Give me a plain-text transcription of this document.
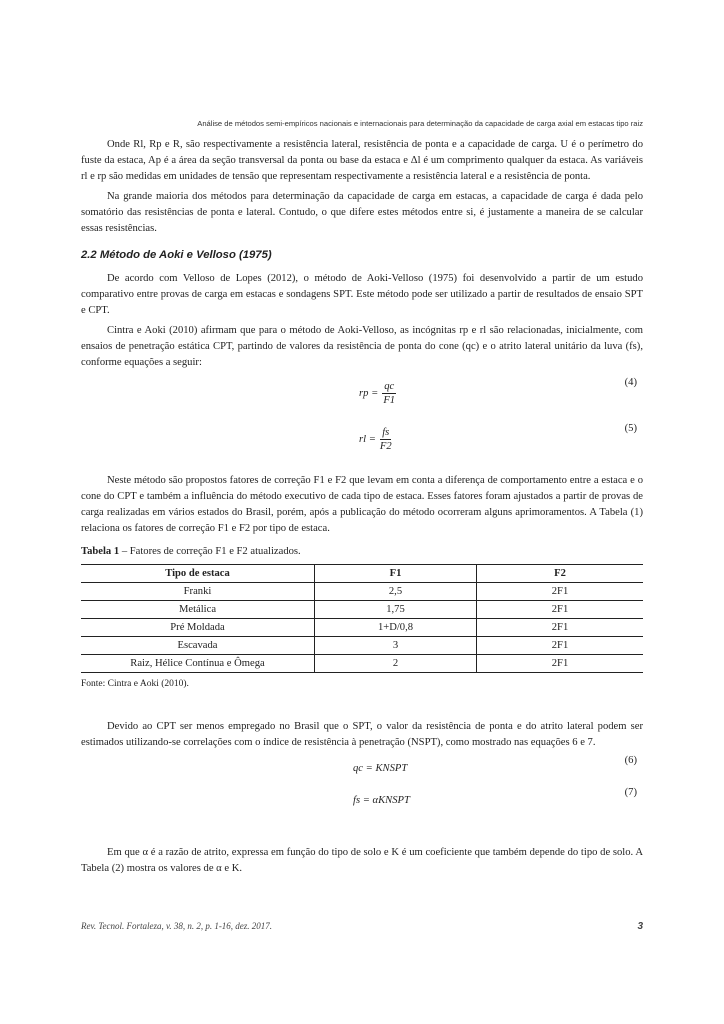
Análise de métodos semi-empíricos nacionais e internacionais para determinação da capacidade de carga axial em estacas tipo raiz

Onde Rl, Rp e R, são respectivamente a resistência lateral, resistência de ponta e a capacidade de carga. U é o perímetro do fuste da estaca, Ap é a área da seção transversal da ponta ou base da estaca e Δl é um comprimento qualquer da estaca. As variáveis rl e rp são medidas em unidades de tensão que representam respectivamente a resistência lateral e a resistência de ponta.

Na grande maioria dos métodos para determinação da capacidade de carga em estacas, a capacidade de carga é dada pelo somatório das resistências de ponta e lateral. Contudo, o que difere estes métodos entre si, é justamente a maneira de se calcular essas resistências.

2.2 Método de Aoki e Velloso (1975)

De acordo com Velloso de Lopes (2012), o método de Aoki-Velloso (1975) foi desenvolvido a partir de um estudo comparativo entre provas de carga em estacas e sondagens SPT. Este método pode ser utilizado a partir de resultados de ensaio SPT e CPT.

Cintra e Aoki (2010) afirmam que para o método de Aoki-Velloso, as incógnitas rp e rl são relacionadas, inicialmente, com ensaios de penetração estática CPT, partindo de valores da resistência de ponta do cone (qc) e o atrito lateral unitário da luva (fs), conforme equações a seguir:

rp = $\frac{qc}{F1}$	(4)
rl = $\frac{fs}{F2}$	(5)

Neste método são propostos fatores de correção F1 e F2 que levam em conta a diferença de comportamento entre a estaca e o cone do CPT e também a influência do método executivo de cada tipo de estaca. Esses fatores foram ajustados a partir de provas de carga realizadas em vários estados do Brasil, porém, após a publicação do método ocorreram alguns aprimoramentos. A Tabela (1) relaciona os fatores de correção F1 e F2 por tipo de estaca.

Tabela 1 – Fatores de correção F1 e F2 atualizados.
Tipo de estaca	F1	F2
Franki	2,5	2F1
Metálica	1,75	2F1
Pré Moldada	1+D/0,8	2F1
Escavada	3	2F1
Raiz, Hélice Contínua e Ômega	2	2F1
Fonte: Cintra e Aoki (2010).

Devido ao CPT ser menos empregado no Brasil que o SPT, o valor da resistência de ponta e do atrito lateral podem ser estimados utilizando-se correlações com o índice de resistência à penetração (NSPT), como mostrado nas equações 6 e 7.

qc = KNSPT
(6)
fs = αKNSPT
(7)

Em que α é a razão de atrito, expressa em função do tipo de solo e K é um coeficiente que também depende do tipo de solo. A Tabela (2) mostra os valores de α e K.

Rev. Tecnol. Fortaleza, v. 38, n. 2, p. 1-16, dez. 2017.	3
